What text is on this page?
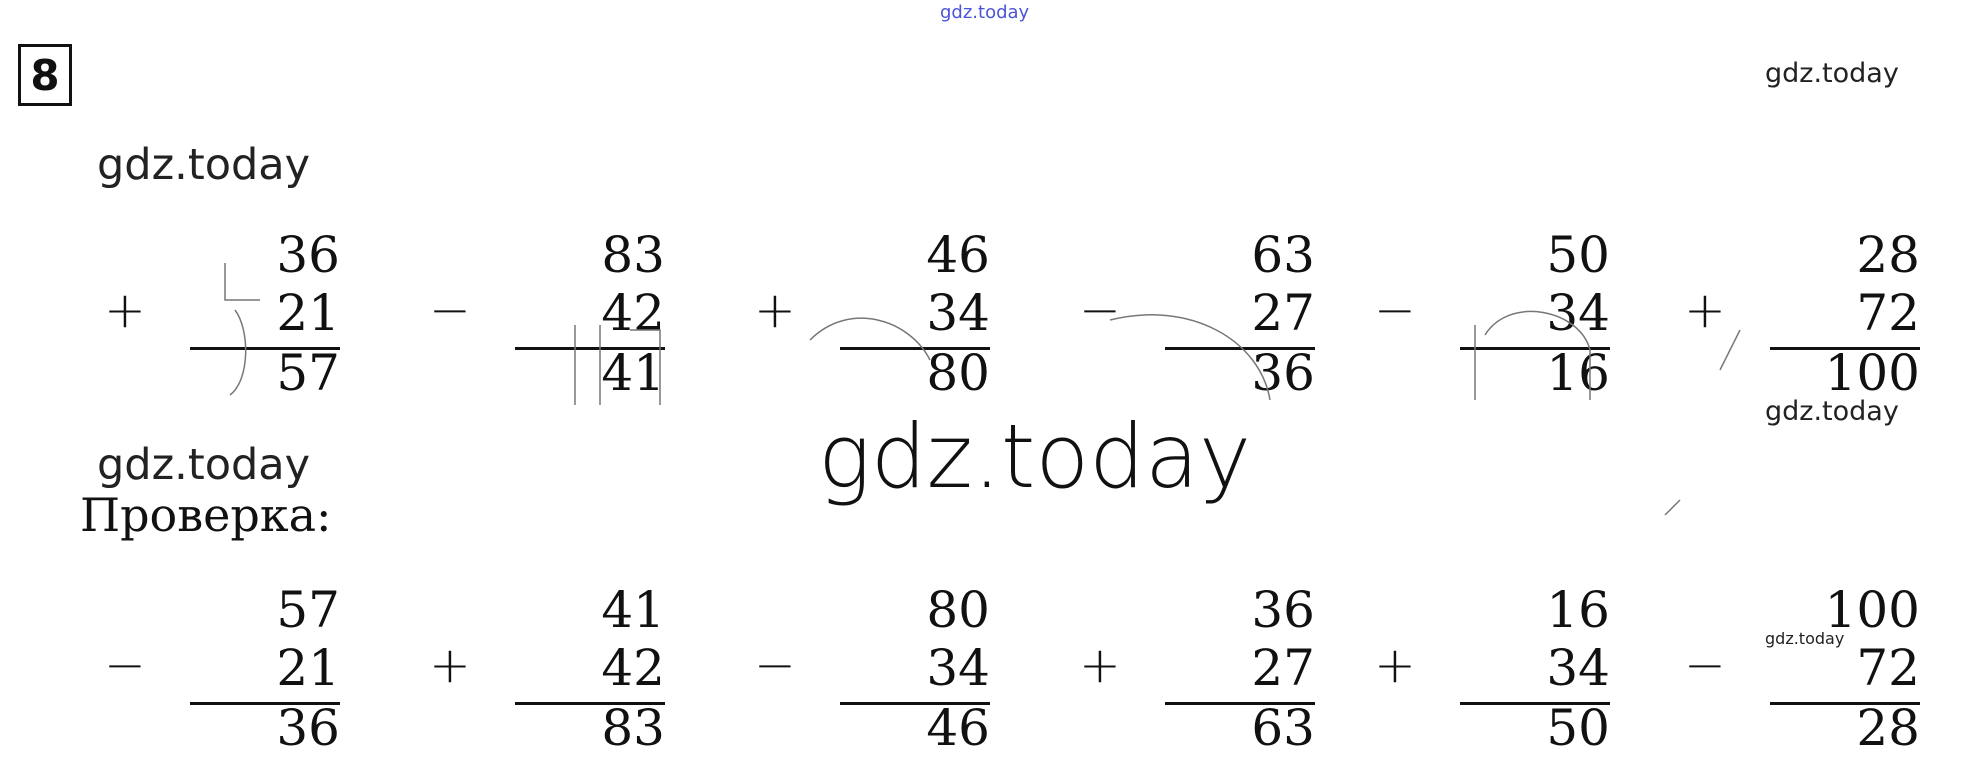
gdz.today
gdz.today
gdz.today
gdz.today
gdz.today
gdz.today
8
+
36
21
57
−
83
42
41
+
46
34
80
−
63
27
36
−
50
34
16
+
28
72
100
gdz.today
Проверка:
−
57
21
36
+
41
42
83
−
80
34
46
+
36
27
63
+
16
34
50
−
100
72
28
